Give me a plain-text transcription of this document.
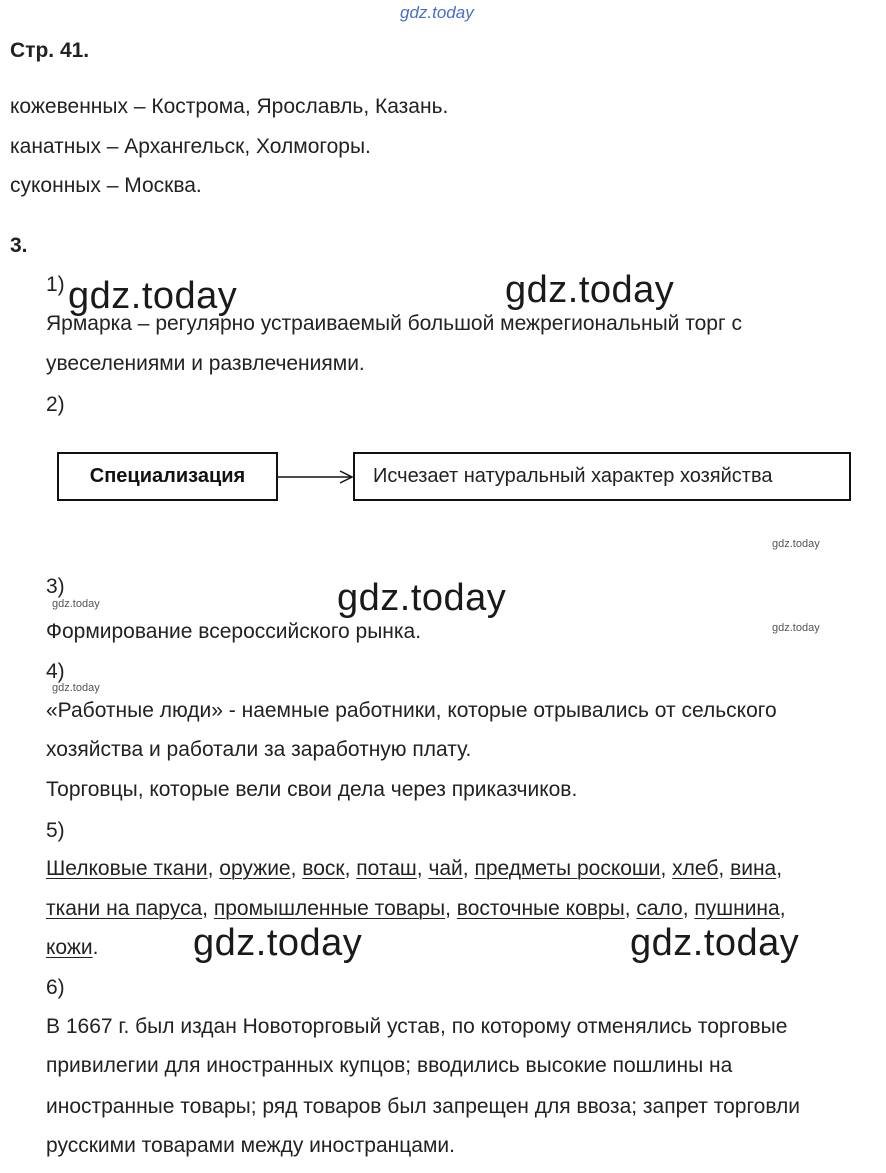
gdz.today
Стр. 41.
кожевенных – Кострома, Ярославль, Казань.
канатных – Архангельск, Холмогоры.
суконных – Москва.
3.
1) gdz.today	gdz.today
Ярмарка – регулярно устраиваемый большой межрегиональный торг с
увеселениями и развлечениями.
2)
Специализация	Исчезает натуральный характер хозяйства
gdz.today
3)
gdz.today	gdz.today
Формирование всероссийского рынка.	gdz.today
4)
gdz.today
«Работные люди» - наемные работники, которые отрывались от сельского
хозяйства и работали за заработную плату.
Торговцы, которые вели свои дела через приказчиков.
5)
Шелковые ткани, оружие, воск, поташ, чай, предметы роскоши, хлеб, вина,
ткани на паруса, промышленные товары, восточные ковры, сало, пушнина,
кожи. gdz.today	gdz.today
6)
В 1667 г. был издан Новоторговый устав, по которому отменялись торговые
привилегии для иностранных купцов; вводились высокие пошлины на
иностранные товары; ряд товаров был запрещен для ввоза; запрет торговли
русскими товарами между иностранцами.
